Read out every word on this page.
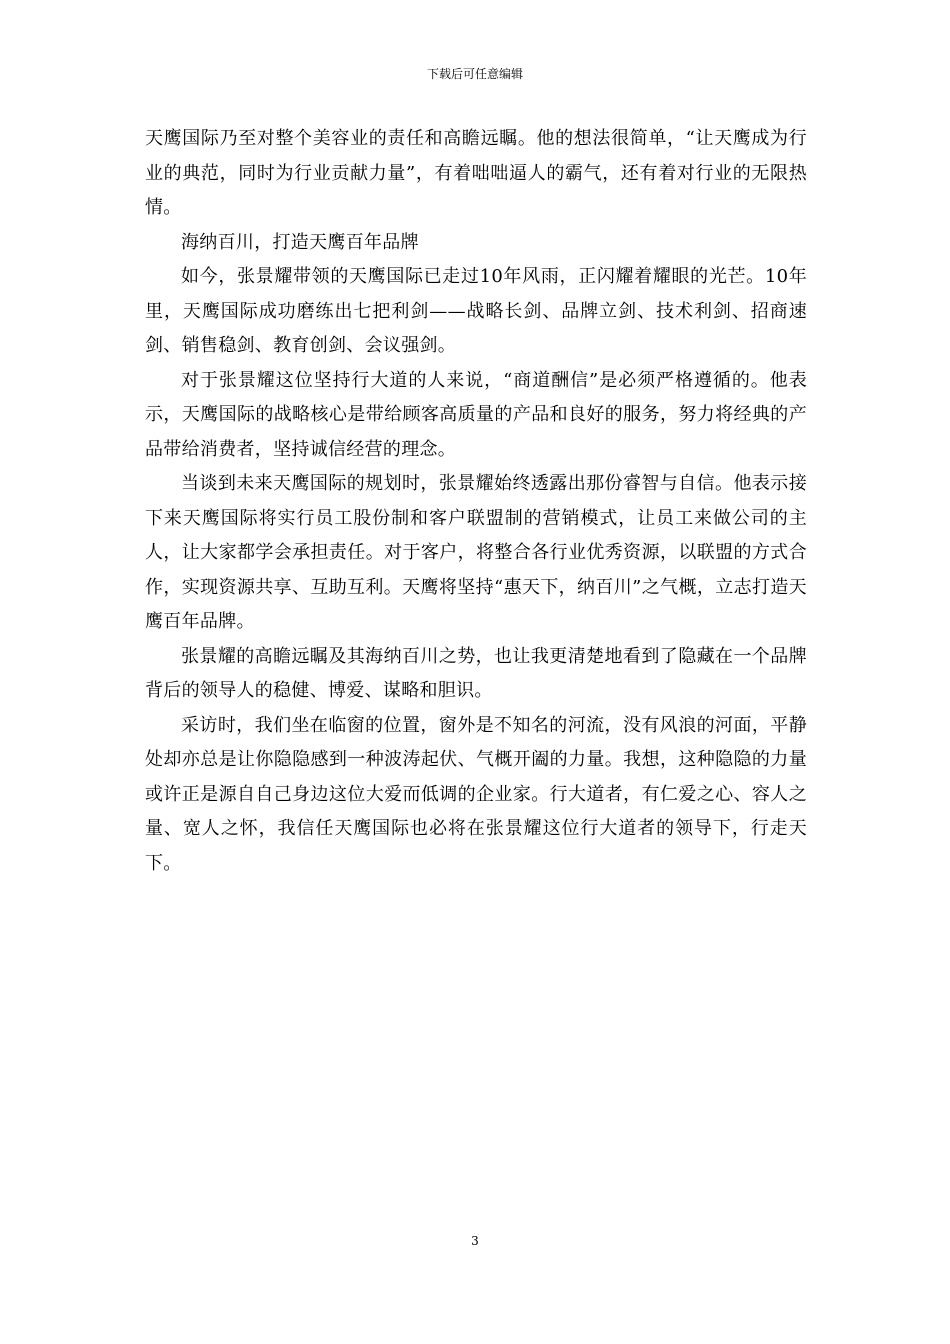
下载后可任意编辑

天鹰国际乃至对整个美容业的责任和高瞻远瞩。他的想法很简单，“让天鹰成为行业的典范，同时为行业贡献力量”，有着咄咄逼人的霸气，还有着对行业的无限热情。

海纳百川，打造天鹰百年品牌

如今，张景耀带领的天鹰国际已走过10年风雨，正闪耀着耀眼的光芒。10年里，天鹰国际成功磨练出七把利剑——战略长剑、品牌立剑、技术利剑、招商速剑、销售稳剑、教育创剑、会议强剑。

对于张景耀这位坚持行大道的人来说，“商道酬信”是必须严格遵循的。他表示，天鹰国际的战略核心是带给顾客高质量的产品和良好的服务，努力将经典的产品带给消费者，坚持诚信经营的理念。

当谈到未来天鹰国际的规划时，张景耀始终透露出那份睿智与自信。他表示接下来天鹰国际将实行员工股份制和客户联盟制的营销模式，让员工来做公司的主人，让大家都学会承担责任。对于客户，将整合各行业优秀资源，以联盟的方式合作，实现资源共享、互助互利。天鹰将坚持“惠天下，纳百川”之气概，立志打造天鹰百年品牌。

张景耀的高瞻远瞩及其海纳百川之势，也让我更清楚地看到了隐藏在一个品牌背后的领导人的稳健、博爱、谋略和胆识。

采访时，我们坐在临窗的位置，窗外是不知名的河流，没有风浪的河面，平静处却亦总是让你隐隐感到一种波涛起伏、气概开阖的力量。我想，这种隐隐的力量或许正是源自自己身边这位大爱而低调的企业家。行大道者，有仁爱之心、容人之量、宽人之怀，我信任天鹰国际也必将在张景耀这位行大道者的领导下，行走天下。

3
